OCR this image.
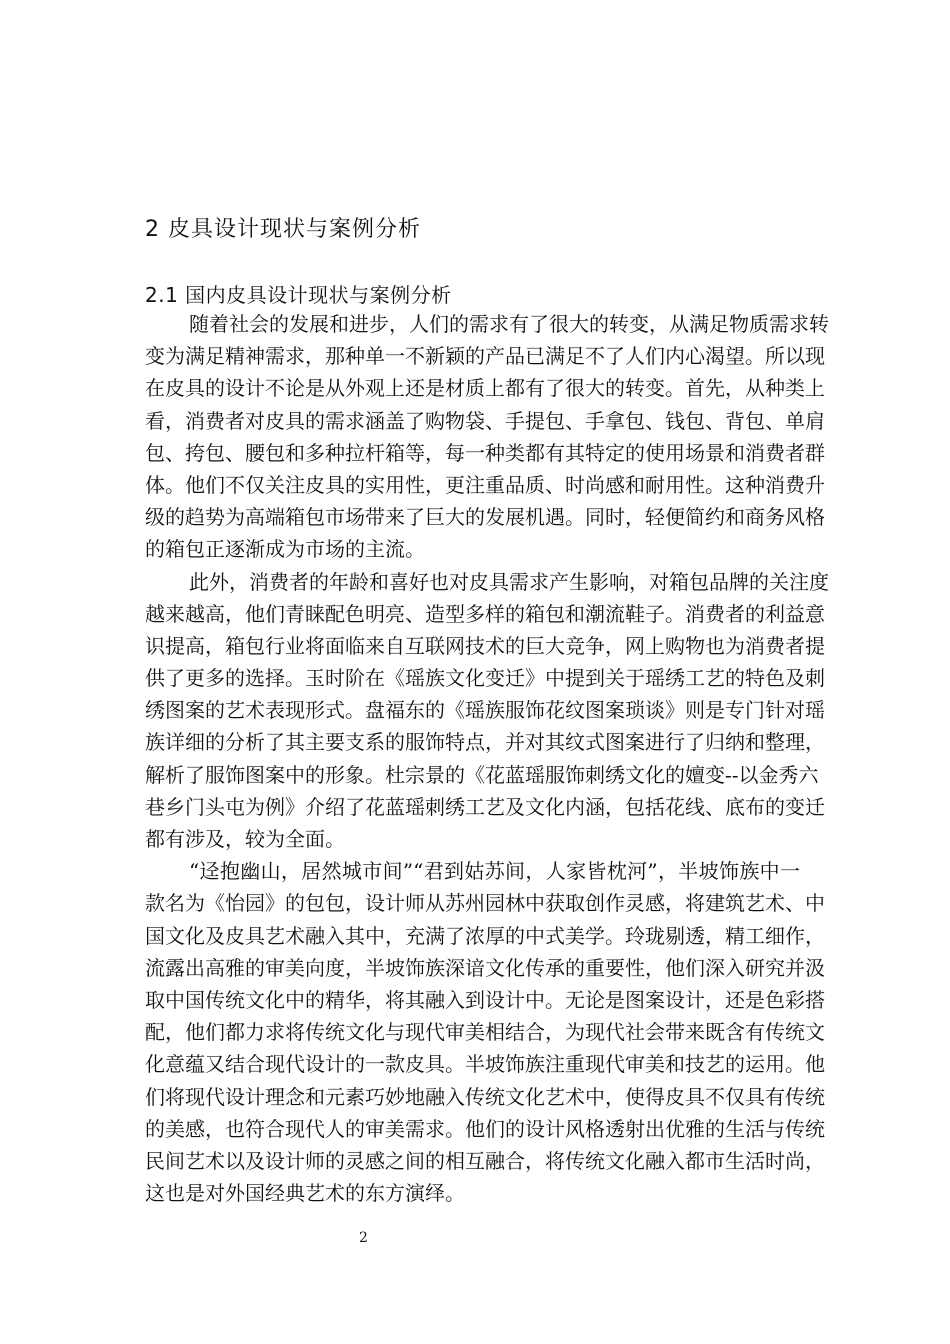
2 皮具设计现状与案例分析
2.1 国内皮具设计现状与案例分析
随着社会的发展和进步，人们的需求有了很大的转变，从满足物质需求转
变为满足精神需求，那种单一不新颖的产品已满足不了人们内心渴望。所以现
在皮具的设计不论是从外观上还是材质上都有了很大的转变。首先，从种类上
看，消费者对皮具的需求涵盖了购物袋、手提包、手拿包、钱包、背包、单肩
包、挎包、腰包和多种拉杆箱等，每一种类都有其特定的使用场景和消费者群
体。他们不仅关注皮具的实用性，更注重品质、时尚感和耐用性。这种消费升
级的趋势为高端箱包市场带来了巨大的发展机遇。同时，轻便简约和商务风格
的箱包正逐渐成为市场的主流。
此外，消费者的年龄和喜好也对皮具需求产生影响，对箱包品牌的关注度
越来越高，他们青睐配色明亮、造型多样的箱包和潮流鞋子。消费者的利益意
识提高，箱包行业将面临来自互联网技术的巨大竞争，网上购物也为消费者提
供了更多的选择。玉时阶在《瑶族文化变迁》中提到关于瑶绣工艺的特色及刺
绣图案的艺术表现形式。盘福东的《瑶族服饰花纹图案琐谈》则是专门针对瑶
族详细的分析了其主要支系的服饰特点，并对其纹式图案进行了归纳和整理，
解析了服饰图案中的形象。杜宗景的《花蓝瑶服饰刺绣文化的嬗变--以金秀六
巷乡门头屯为例》介绍了花蓝瑶刺绣工艺及文化内涵，包括花线、底布的变迁
都有涉及，较为全面。
“迳抱幽山，居然城市间”“君到姑苏间，人家皆枕河”，半坡饰族中一
款名为《怡园》的包包，设计师从苏州园林中获取创作灵感，将建筑艺术、中
国文化及皮具艺术融入其中，充满了浓厚的中式美学。玲珑剔透，精工细作，
流露出高雅的审美向度，半坡饰族深谙文化传承的重要性，他们深入研究并汲
取中国传统文化中的精华，将其融入到设计中。无论是图案设计，还是色彩搭
配，他们都力求将传统文化与现代审美相结合，为现代社会带来既含有传统文
化意蕴又结合现代设计的一款皮具。半坡饰族注重现代审美和技艺的运用。他
们将现代设计理念和元素巧妙地融入传统文化艺术中，使得皮具不仅具有传统
的美感，也符合现代人的审美需求。他们的设计风格透射出优雅的生活与传统
民间艺术以及设计师的灵感之间的相互融合，将传统文化融入都市生活时尚，
这也是对外国经典艺术的东方演绎。
2
